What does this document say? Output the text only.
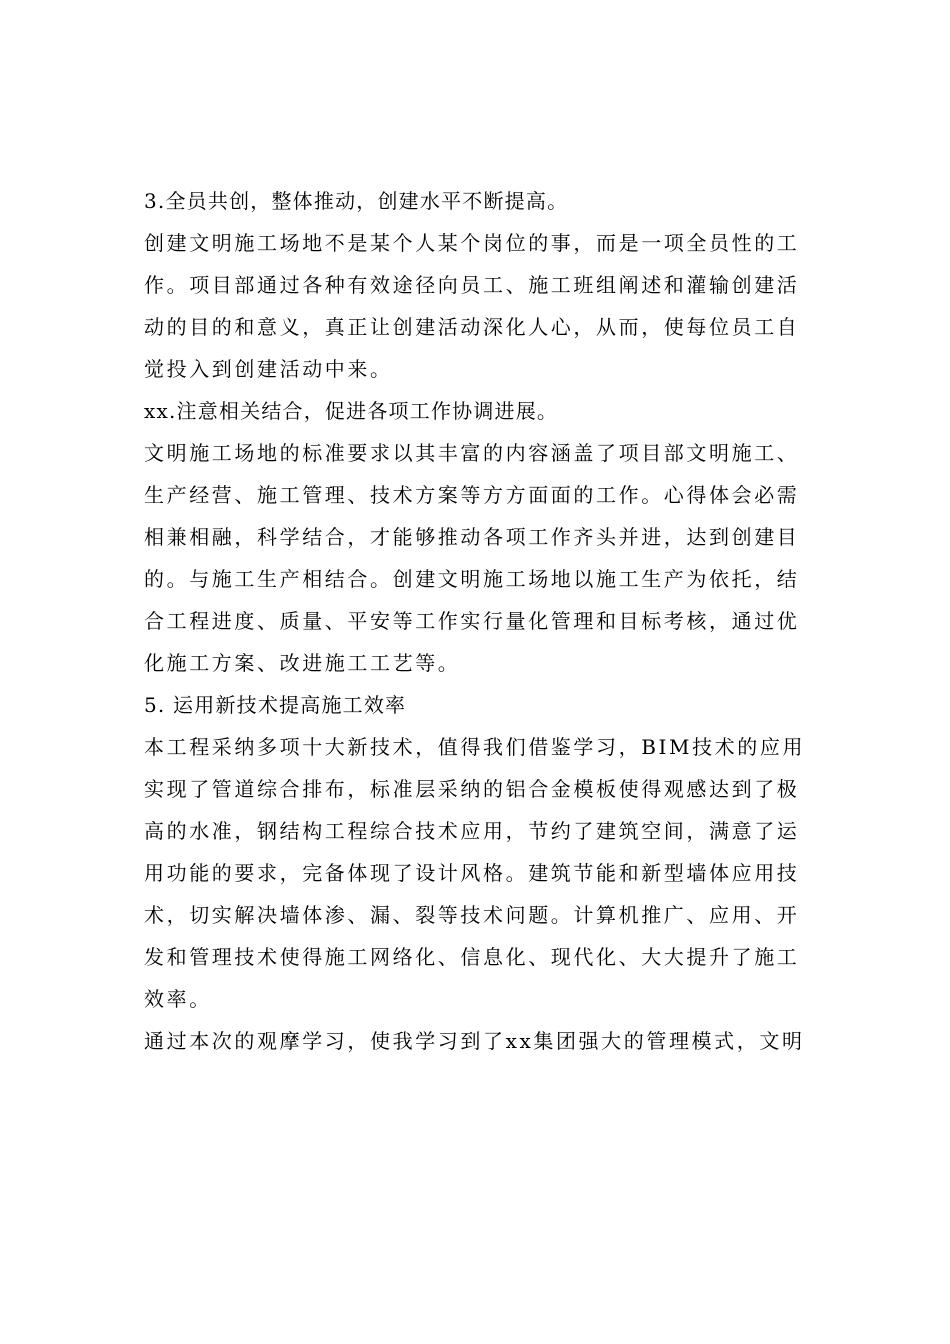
3.全员共创，整体推动，创建水平不断提高。
创建文明施工场地不是某个人某个岗位的事，而是一项全员性的工
作。项目部通过各种有效途径向员工、施工班组阐述和灌输创建活
动的目的和意义，真正让创建活动深化人心，从而，使每位员工自
觉投入到创建活动中来。
xx.注意相关结合，促进各项工作协调进展。
文明施工场地的标准要求以其丰富的内容涵盖了项目部文明施工、
生产经营、施工管理、技术方案等方方面面的工作。心得体会必需
相兼相融，科学结合，才能够推动各项工作齐头并进，达到创建目
的。与施工生产相结合。创建文明施工场地以施工生产为依托，结
合工程进度、质量、平安等工作实行量化管理和目标考核，通过优
化施工方案、改进施工工艺等。
5. 运用新技术提高施工效率
本工程采纳多项十大新技术，值得我们借鉴学习，BIM技术的应用
实现了管道综合排布，标准层采纳的铝合金模板使得观感达到了极
高的水准，钢结构工程综合技术应用，节约了建筑空间，满意了运
用功能的要求，完备体现了设计风格。建筑节能和新型墙体应用技
术，切实解决墙体渗、漏、裂等技术问题。计算机推广、应用、开
发和管理技术使得施工网络化、信息化、现代化、大大提升了施工
效率。
通过本次的观摩学习，使我学习到了xx集团强大的管理模式，文明
